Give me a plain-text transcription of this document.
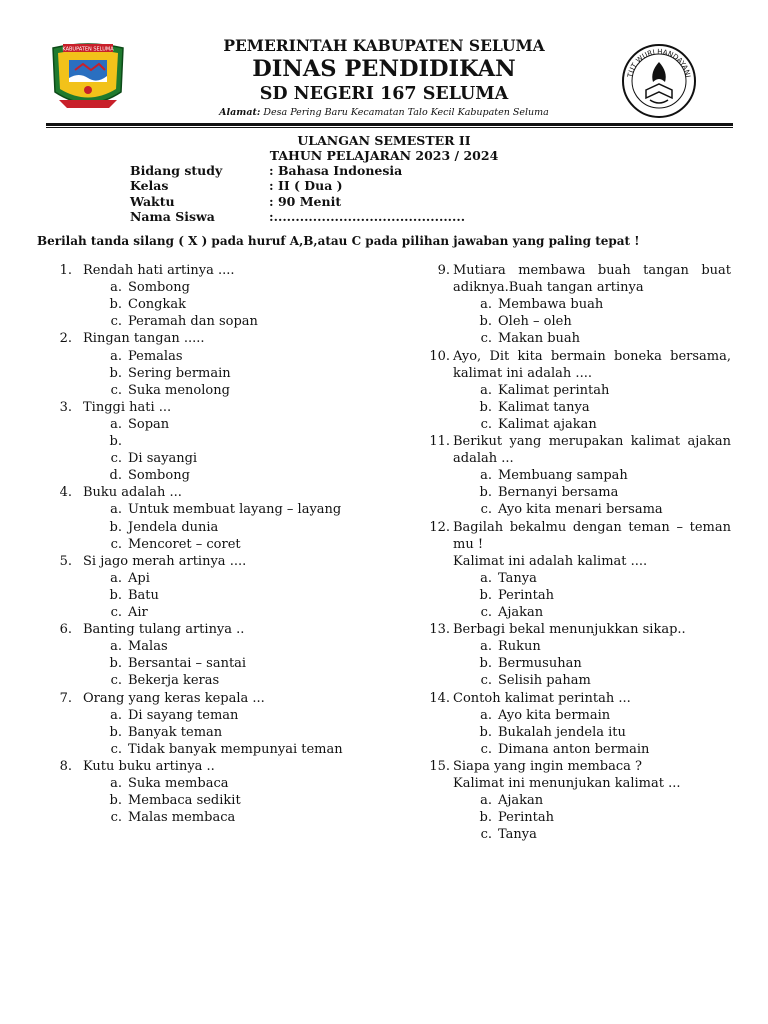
KABUPATEN SELUMA
TUT WURI HANDAYANI
PEMERINTAH KABUPATEN SELUMA
DINAS PENDIDIKAN
SD NEGERI 167 SELUMA
Alamat: Desa Pering Baru Kecamatan Talo Kecil Kabupaten Seluma
ULANGAN SEMESTER II
TAHUN PELAJARAN 2023 / 2024
Bidang study	: Bahasa Indonesia
Kelas	: II ( Dua )
Waktu	: 90 Menit
Nama Siswa	:............................................
Berilah tanda silang ( X ) pada huruf A,B,atau C pada pilihan jawaban yang paling tepat !
1. Rendah hati artinya ....
a. Sombong
b. Congkak
c. Peramah dan sopan
2. Ringan tangan .....
a. Pemalas
b. Sering bermain
c. Suka menolong
3. Tinggi hati ...
a. Sopan
b.
c. Di sayangi
d. Sombong
4. Buku adalah ...
a. Untuk membuat layang – layang
b. Jendela dunia
c. Mencoret – coret
5. Si jago merah artinya ....
a. Api
b. Batu
c. Air
6. Banting tulang artinya ..
a. Malas
b. Bersantai – santai
c. Bekerja keras
7. Orang yang keras kepala ...
a. Di sayang teman
b. Banyak teman
c. Tidak banyak mempunyai teman
8. Kutu buku artinya ..
a. Suka membaca
b. Membaca sedikit
c. Malas membaca
9. Mutiara membawa buah tangan buat
adiknya.Buah tangan artinya
a. Membawa buah
b. Oleh – oleh
c. Makan buah
10. Ayo, Dit kita bermain boneka bersama,
kalimat ini adalah ....
a. Kalimat perintah
b. Kalimat tanya
c. Kalimat ajakan
11. Berikut yang merupakan kalimat ajakan
adalah ...
a. Membuang sampah
b. Bernanyi bersama
c. Ayo kita menari bersama
12. Bagilah bekalmu dengan teman – teman
mu !
Kalimat ini adalah kalimat ....
a. Tanya
b. Perintah
c. Ajakan
13. Berbagi bekal menunjukkan sikap..
a. Rukun
b. Bermusuhan
c. Selisih paham
14. Contoh kalimat perintah ...
a. Ayo kita bermain
b. Bukalah jendela itu
c. Dimana anton bermain
15. Siapa yang ingin membaca ?
Kalimat ini menunjukan kalimat ...
a. Ajakan
b. Perintah
c. Tanya
